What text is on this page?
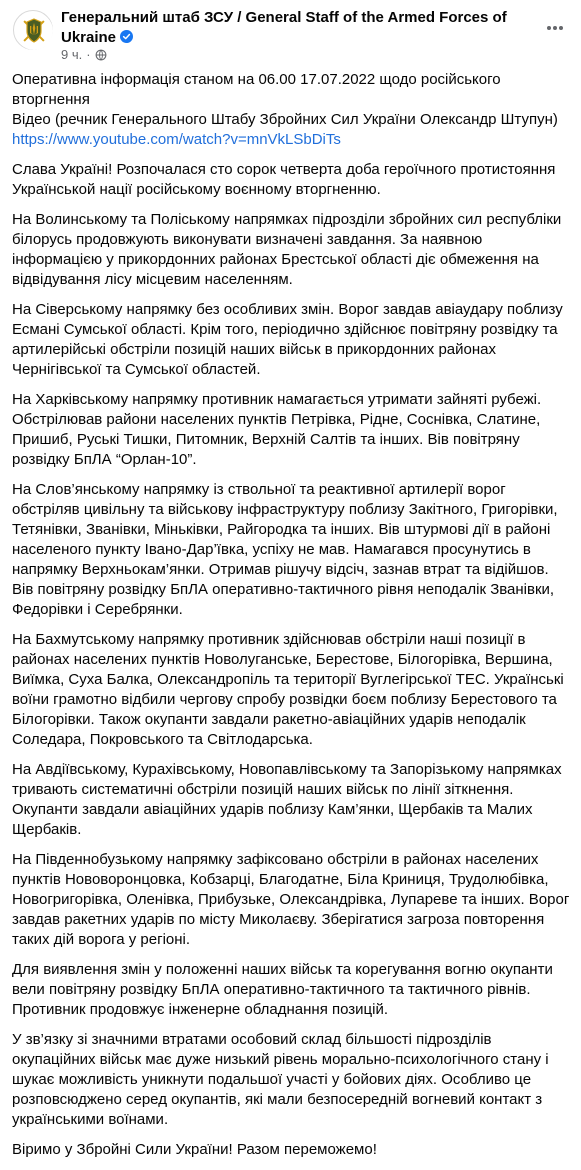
Генеральний штаб ЗСУ / General Staff of the Armed Forces of Ukraine
9 ч. ·
Оперативна інформація станом на 06.00 17.07.2022 щодо російського вторгнення
Відео (речник Генерального Штабу Збройних Сил України Олександр Штупун)
https://www.youtube.com/watch?v=mnVkLSbDiTs

Слава Україні! Розпочалася сто сорок четверта доба героїчного протистояння Українськой нації російському воєнному вторгненню.

На Волинському та Поліському напрямках підрозділи збройних сил республіки білорусь продовжують виконувати визначені завдання. За наявною інформацією у прикордонних районах Брестської області діє обмеження на відвідування лісу місцевим населенням.

На Сіверському напрямку без особливих змін. Ворог завдав авіаудару поблизу Есмані Сумської області. Крім того, періодично здійснює повітряну розвідку та артилерійські обстріли позицій наших військ в прикордонних районах Чернігівської та Сумської областей.

На Харківському напрямку противник намагається утримати зайняті рубежі. Обстрілював райони населених пунктів Петрівка, Рідне, Соснівка, Слатине, Пришиб, Руські Тишки, Питомник, Верхній Салтів та інших. Вів повітряну розвідку БпЛА “Орлан-10”.

На Слов’янському напрямку із ствольної та реактивної артилерії ворог обстріляв цивільну та військову інфраструктуру поблизу Закітного, Григорівки, Тетянівки, Званівки, Міньківки, Райгородка та інших. Вів штурмові дії в районі населеного пункту Івано-Дар’ївка, успіху не мав. Намагався просунутись в напрямку Верхньокам’янки. Отримав рішучу відсіч, зазнав втрат та відійшов. Вів повітряну розвідку БпЛА оперативно-тактичного рівня неподалік Званівки, Федорівки і Серебрянки.

На Бахмутському напрямку противник здійснював обстріли наші позиції в районах населених пунктів Новолуганське, Берестове, Білогорівка, Вершина, Виїмка, Суха Балка, Олександропіль та території Вуглегірської ТЕС. Українські воїни грамотно відбили чергову спробу розвідки боєм поблизу Берестового та Білогорівки. Також окупанти завдали ракетно-авіаційних ударів неподалік Соледара, Покровського та Світлодарська.

На Авдіївському, Курахівському, Новопавлівському та Запорізькому напрямках тривають систематичні обстріли позицій наших військ по лінії зіткнення. Окупанти завдали авіаційних ударів поблизу Кам’янки, Щербаків та Малих Щербаків.

На Південнобузькому напрямку зафіксовано обстріли в районах населених пунктів Нововоронцовка, Кобзарці, Благодатне, Біла Криниця, Трудолюбівка, Новогригорівка, Оленівка, Прибузьке, Олександрівка, Лупареве та інших. Ворог завдав ракетних ударів по місту Миколаєву. Зберігатися загроза повторення таких дій ворога у регіоні.

Для виявлення змін у положенні наших військ та корегування вогню окупанти вели повітряну розвідку БпЛА оперативно-тактичного та тактичного рівнів. Противник продовжує інженерне обладнання позицій.

У зв’язку зі значними втратами особовий склад більшості підрозділів окупаційних військ має дуже низький рівень морально-психологічного стану і шукає можливість уникнути подальшої участі у бойових діях. Особливо це розповсюджено серед окупантів, які мали безпосередній вогневий контакт з українськими воїнами.

Віримо у Збройні Сили України! Разом переможемо!
